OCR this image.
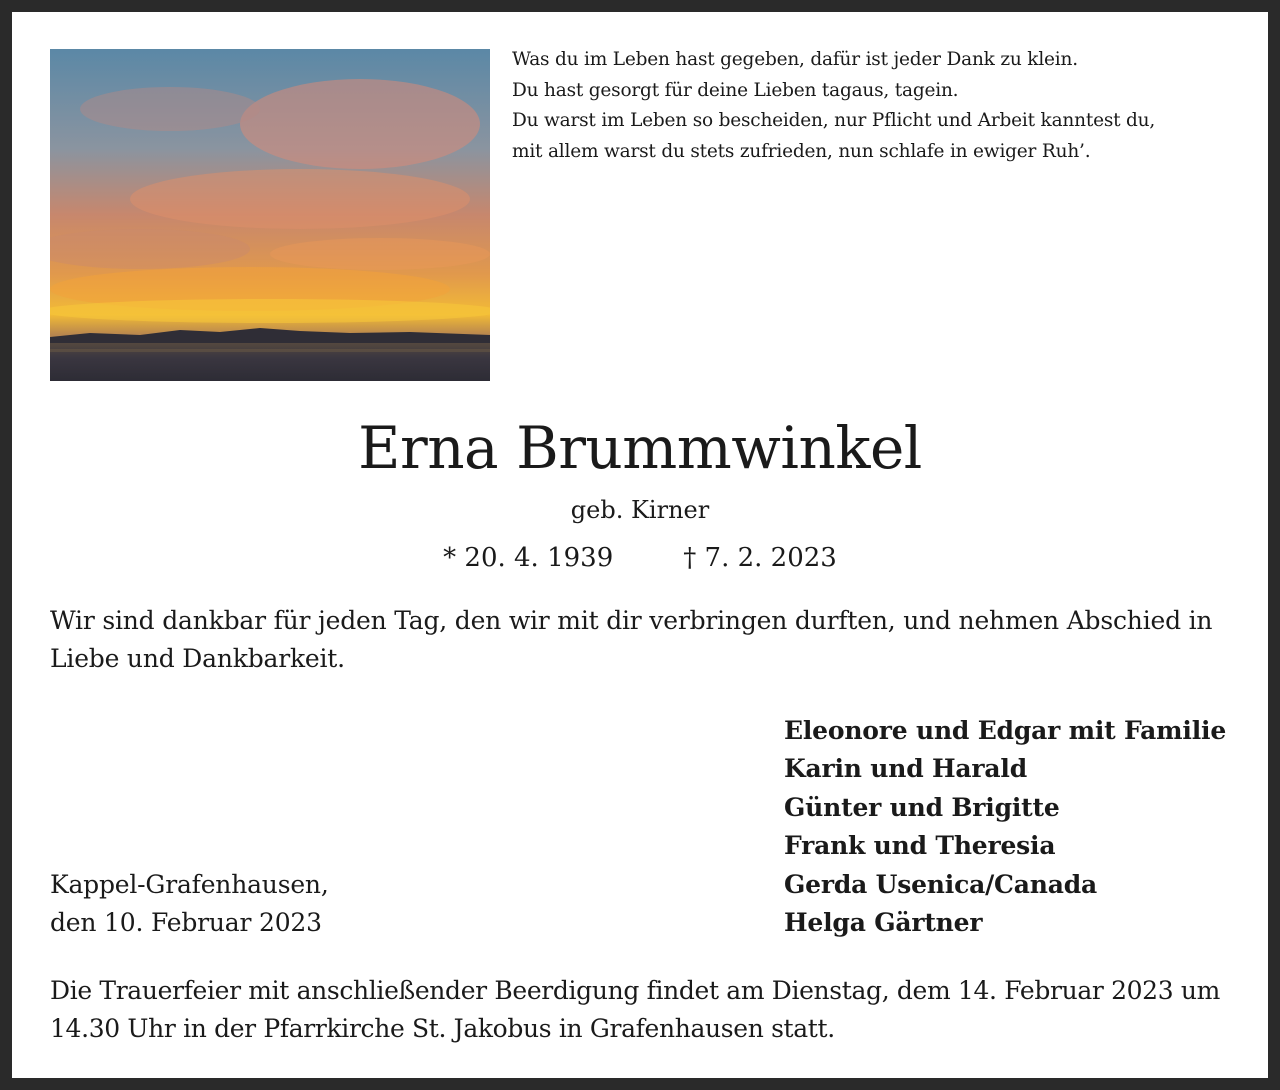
Was du im Leben hast gegeben, dafür ist jeder Dank zu klein.
Du hast gesorgt für deine Lieben tagaus, tagein.
Du warst im Leben so bescheiden, nur Pflicht und Arbeit kanntest du,
mit allem warst du stets zufrieden, nun schlafe in ewiger Ruh’.
Erna Brummwinkel
geb. Kirner
* 20. 4. 1939	† 7. 2. 2023
Wir sind dankbar für jeden Tag, den wir mit dir verbringen durften, und nehmen Abschied in Liebe und Dankbarkeit.
Eleonore und Edgar mit Familie
Karin und Harald
Günter und Brigitte
Frank und Theresia
Gerda Usenica/Canada
Helga Gärtner
Kappel-Grafenhausen,
den 10. Februar 2023
Die Trauerfeier mit anschließender Beerdigung findet am Dienstag, dem 14. Februar 2023 um 14.30 Uhr in der Pfarrkirche St. Jakobus in Grafenhausen statt.
